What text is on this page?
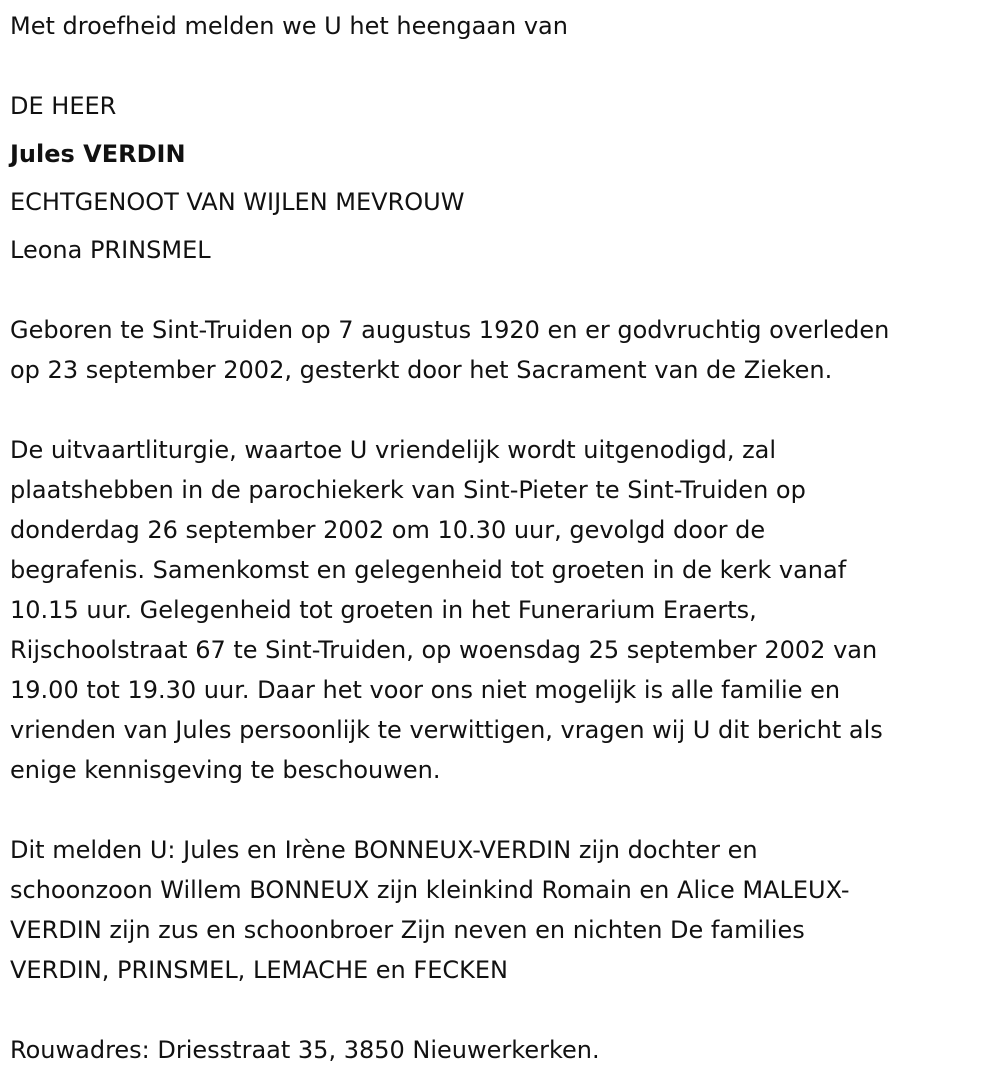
Met droefheid melden we U het heengaan van

DE HEER

Jules VERDIN

ECHTGENOOT VAN WIJLEN MEVROUW

Leona PRINSMEL

Geboren te Sint-Truiden op 7 augustus 1920 en er godvruchtig overleden
op 23 september 2002, gesterkt door het Sacrament van de Zieken.
De uitvaartliturgie, waartoe U vriendelijk wordt uitgenodigd, zal
plaatshebben in de parochiekerk van Sint-Pieter te Sint-Truiden op
donderdag 26 september 2002 om 10.30 uur, gevolgd door de
begrafenis. Samenkomst en gelegenheid tot groeten in de kerk vanaf
10.15 uur. Gelegenheid tot groeten in het Funerarium Eraerts,
Rijschoolstraat 67 te Sint-Truiden, op woensdag 25 september 2002 van
19.00 tot 19.30 uur. Daar het voor ons niet mogelijk is alle familie en
vrienden van Jules persoonlijk te verwittigen, vragen wij U dit bericht als
enige kennisgeving te beschouwen.
Dit melden U: Jules en Irène BONNEUX-VERDIN zijn dochter en
schoonzoon Willem BONNEUX zijn kleinkind Romain en Alice MALEUX-
VERDIN zijn zus en schoonbroer Zijn neven en nichten De families
VERDIN, PRINSMEL, LEMACHE en FECKEN

Rouwadres: Driesstraat 35, 3850 Nieuwerkerken.
